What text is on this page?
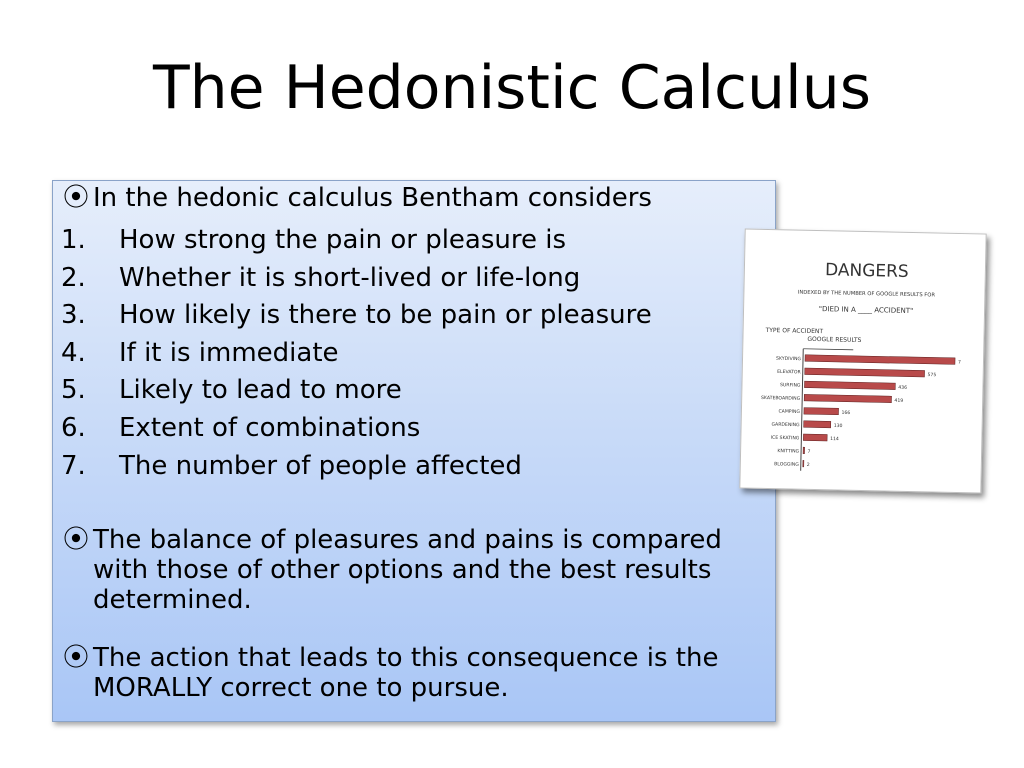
The Hedonistic Calculus
⦿ In the hedonic calculus Bentham considers
1. How strong the pain or pleasure is
2. Whether it is short-lived or life-long
3. How likely is there to be pain or pleasure
4. If it is immediate
5. Likely to lead to more
6. Extent of combinations
7. The number of people affected
⦿ The balance of pleasures and pains is compared with those of other options and the best results determined.
⦿ The action that leads to this consequence is the MORALLY correct one to pursue.
DANGERS
INDEXED BY THE NUMBER OF GOOGLE RESULTS FOR
"DIED IN A ____ ACCIDENT"
TYPE OF ACCIDENT
GOOGLE RESULTS
SKYDIVING
7
ELEVATOR
575
SURFING	436
SKATEBOARDING	419
CAMPING	166
GARDENING	130
ICE SKATING	114
KNITTING 7
BLOGGING 2
